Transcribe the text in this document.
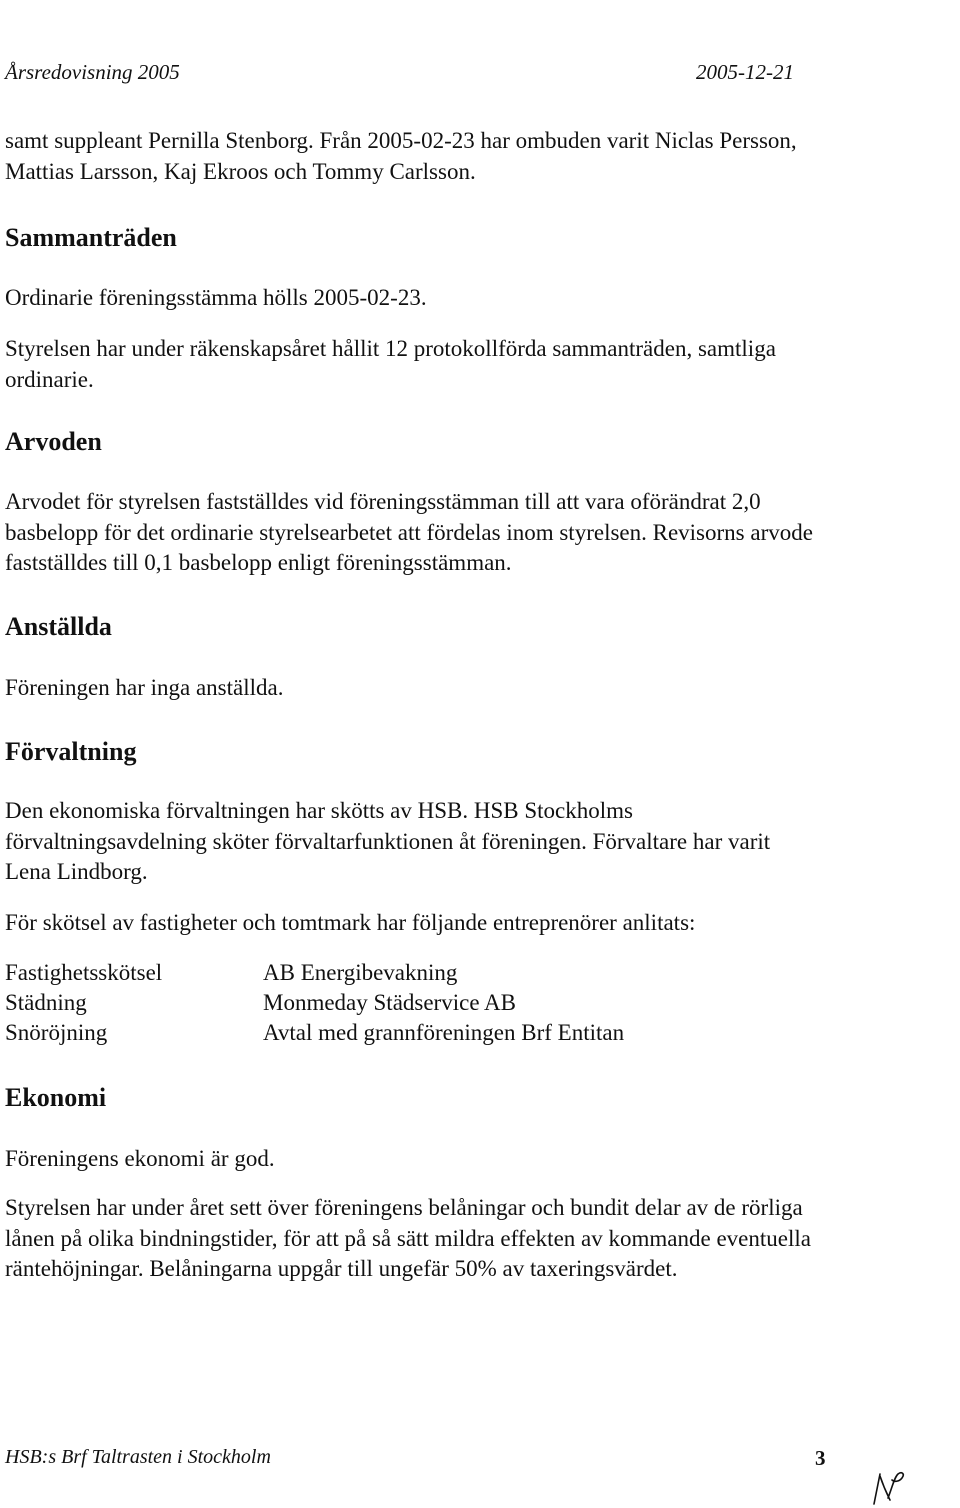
Årsredovisning 2005	2005-12-21

samt suppleant Pernilla Stenborg. Från 2005-02-23 har ombuden varit Niclas Persson, Mattias Larsson, Kaj Ekroos och Tommy Carlsson.

Sammanträden

Ordinarie föreningsstämma hölls 2005-02-23.

Styrelsen har under räkenskapsåret hållit 12 protokollförda sammanträden, samtliga ordinarie.

Arvoden

Arvodet för styrelsen fastställdes vid föreningsstämman till att vara oförändrat 2,0 basbelopp för det ordinarie styrelsearbetet att fördelas inom styrelsen. Revisorns arvode fastställdes till 0,1 basbelopp enligt föreningsstämman.

Anställda

Föreningen har inga anställda.

Förvaltning

Den ekonomiska förvaltningen har skötts av HSB. HSB Stockholms förvaltningsavdelning sköter förvaltarfunktionen åt föreningen. Förvaltare har varit Lena Lindborg.

För skötsel av fastigheter och tomtmark har följande entreprenörer anlitats:

Fastighetsskötsel
Städning
Snöröjning
AB Energibevakning
Monmeday Städservice AB
Avtal med grannföreningen Brf Entitan
Ekonomi

Föreningens ekonomi är god.

Styrelsen har under året sett över föreningens belåningar och bundit delar av de rörliga lånen på olika bindningstider, för att på så sätt mildra effekten av kommande eventuella räntehöjningar. Belåningarna uppgår till ungefär 50% av taxeringsvärdet.

HSB:s Brf Taltrasten i Stockholm	3
